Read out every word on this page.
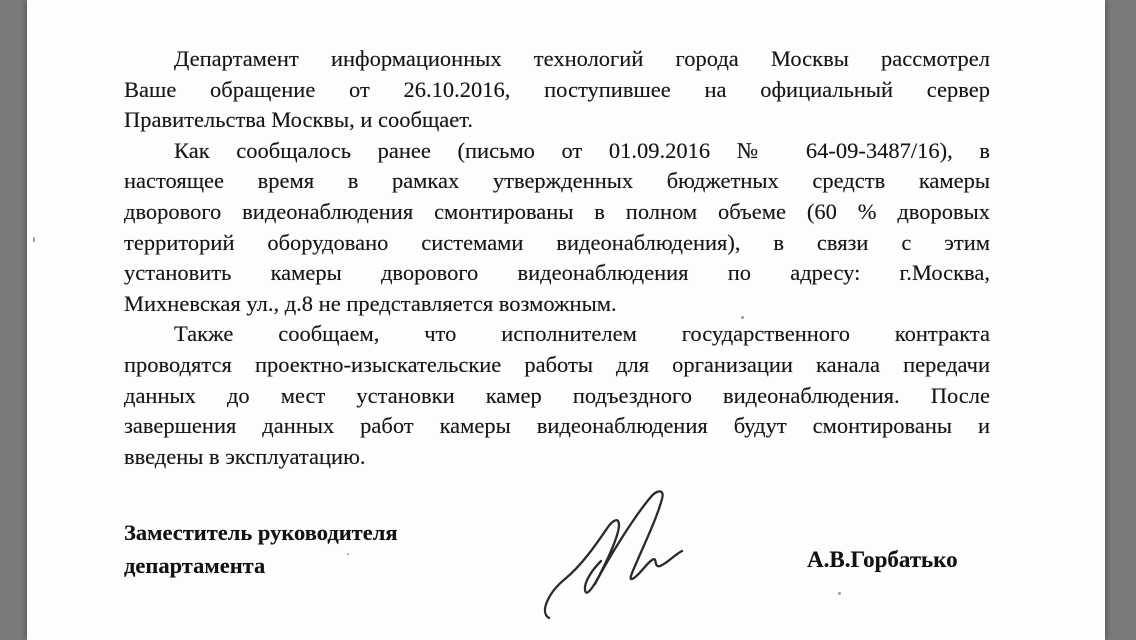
Департамент информационных технологий города Москвы рассмотрел
Ваше обращение от 26.10.2016, поступившее на официальный сервер
Правительства Москвы, и сообщает.
Как сообщалось ранее (письмо от 01.09.2016 № 64-09-3487/16), в
настоящее время в рамках утвержденных бюджетных средств камеры
дворового видеонаблюдения смонтированы в полном объеме (60 % дворовых
территорий оборудовано системами видеонаблюдения), в связи с этим
установить камеры дворового видеонаблюдения по адресу: г.Москва,
Михневская ул., д.8 не представляется возможным.
Также сообщаем, что исполнителем государственного контракта
проводятся проектно-изыскательские работы для организации канала передачи
данных до мест установки камер подъездного видеонаблюдения. После
завершения данных работ камеры видеонаблюдения будут смонтированы и
введены в эксплуатацию.
Заместитель руководителя
департамента	А.В.Горбатько
